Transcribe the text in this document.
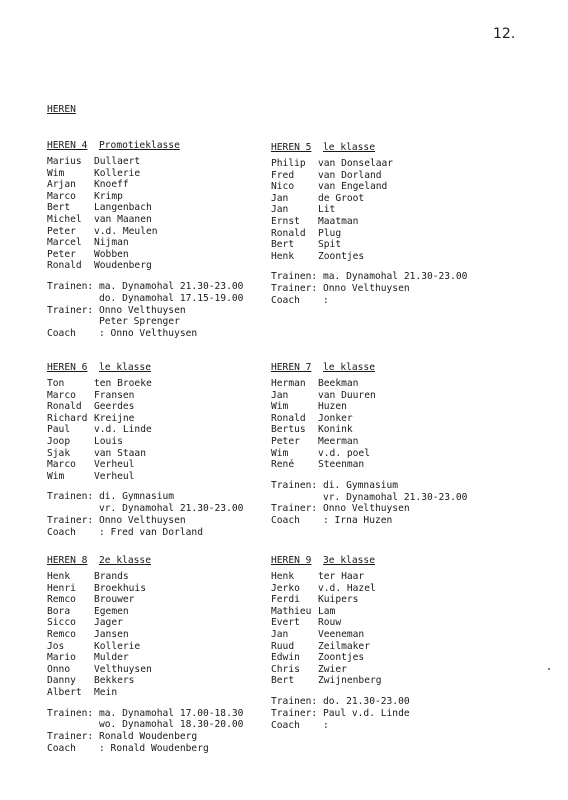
12.
HEREN
HEREN 4 Promotieklasse
Marius Dullaert
Wim	Kollerie
Arjan Knoeff
Marco Krimp
Bert Langenbach
Michel van Maanen
Peter v.d. Meulen
Marcel Nijman
Peter Wobben
Ronald Woudenberg
Trainen: ma. Dynamohal 21.30-23.00
do. Dynamohal 17.15-19.00
Trainer: Onno Velthuysen
Peter Sprenger
Coach : Onno Velthuysen
HEREN 5 le klasse
Philip van Donselaar
Fred van Dorland
Nico van Engeland
Jan	de Groot
Jan	Lit
Ernst Maatman
Ronald Plug
Bert Spit
Henk Zoontjes
Trainen: ma. Dynamohal 21.30-23.00
Trainer: Onno Velthuysen
Coach :
HEREN 6 le klasse
Ton	ten Broeke
Marco Fransen
Ronald Geerdes
Richard Kreijne
Paul v.d. Linde
Joop Louis
Sjak van Staan
Marco Verheul
Wim	Verheul
Trainen: di. Gymnasium
vr. Dynamohal 21.30-23.00
Trainer: Onno Velthuysen
Coach : Fred van Dorland
HEREN 7 le klasse
Herman Beekman
Jan	van Duuren
Wim	Huzen
Ronald Jonker
Bertus Konink
Peter Meerman
Wim	v.d. poel
René Steenman
Trainen: di. Gymnasium
vr. Dynamohal 21.30-23.00
Trainer: Onno Velthuysen
Coach : Irna Huzen
HEREN 8 2e klasse
Henk Brands
Henri Broekhuis
Remco Brouwer
Bora Egemen
Sicco Jager
Remco Jansen
Jos	Kollerie
Mario Mulder
Onno Velthuysen
Danny Bekkers
Albert Mein
Trainen: ma. Dynamohal 17.00-18.30
wo. Dynamohal 18.30-20.00
Trainer: Ronald Woudenberg
Coach : Ronald Woudenberg
HEREN 9 3e klasse
Henk ter Haar
Jerko v.d. Hazel
Ferdi Kuipers
Mathieu Lam
Evert Rouw
Jan	Veeneman
Ruud Zeilmaker
Edwin Zoontjes
Chris Zwier
Bert Zwijnenberg
Trainen: do. 21.30-23.00
Trainer: Paul v.d. Linde
Coach :
